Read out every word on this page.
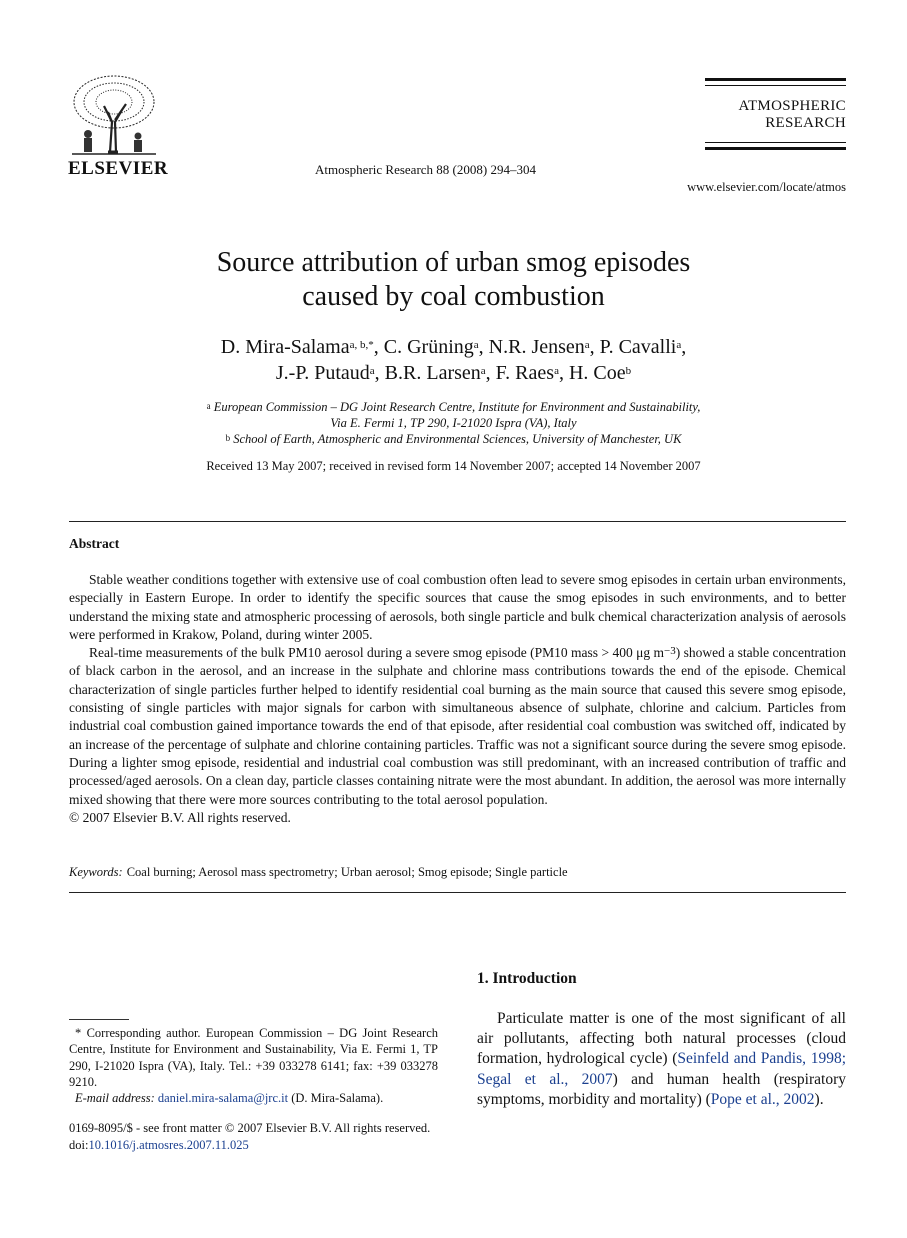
ELSEVIER	Atmospheric Research 88 (2008) 294–304
ATMOSPHERIC
RESEARCH
www.elsevier.com/locate/atmos
Source attribution of urban smog episodes
caused by coal combustion
D. Mira-Salama$^{a, b,*}$, C. Grüning$^a$, N.R. Jensen$^a$, P. Cavalli$^a$,
J.-P. Putaud$^a$, B.R. Larsen$^a$, F. Raes$^a$, H. Coe$^b$
$^a$ European Commission – DG Joint Research Centre, Institute for Environment and Sustainability,
Via E. Fermi 1, TP 290, I-21020 Ispra (VA), Italy
$^b$ School of Earth, Atmospheric and Environmental Sciences, University of Manchester, UK
Received 13 May 2007; received in revised form 14 November 2007; accepted 14 November 2007
Abstract

Stable weather conditions together with extensive use of coal combustion often lead to severe smog episodes in certain urban environments, especially in Eastern Europe. In order to identify the specific sources that cause the smog episodes in such environments, and to better understand the mixing state and atmospheric processing of aerosols, both single particle and bulk chemical characterization analysis of aerosols were performed in Krakow, Poland, during winter 2005.

Real-time measurements of the bulk PM10 aerosol during a severe smog episode (PM10 mass > 400 μg $m^{-3}$) showed a stable concentration of black carbon in the aerosol, and an increase in the sulphate and chlorine mass contributions towards the end of the episode. Chemical characterization of single particles further helped to identify residential coal burning as the main source that caused this severe smog episode, consisting of single particles with major signals for carbon with simultaneous absence of sulphate, chlorine and calcium. Particles from industrial coal combustion gained importance towards the end of that episode, after residential coal combustion was switched off, indicated by an increase of the percentage of sulphate and chlorine containing particles. Traffic was not a significant source during the severe smog episode. During a lighter smog episode, residential and industrial coal combustion was still predominant, with an increased contribution of traffic and processed/aged aerosols. On a clean day, particle classes containing nitrate were the most abundant. In addition, the aerosol was more internally mixed showing that there were more sources contributing to the total aerosol population.

© 2007 Elsevier B.V. All rights reserved.

Keywords: Coal burning; Aerosol mass spectrometry; Urban aerosol; Smog episode; Single particle
1. Introduction

Particulate matter is one of the most significant of all air pollutants, affecting both natural processes (cloud formation, hydrological cycle) (Seinfeld and Pandis, 1998; Segal et al., 2007) and human health (respiratory symptoms, morbidity and mortality) (Pope et al., 2002).

* Corresponding author. European Commission – DG Joint Research Centre, Institute for Environment and Sustainability, Via E. Fermi 1, TP 290, I-21020 Ispra (VA), Italy. Tel.: +39 033278 6141; fax: +39 033278 9210.

E-mail address: daniel.mira-salama@jrc.it (D. Mira-Salama).

0169-8095/$ - see front matter © 2007 Elsevier B.V. All rights reserved.
doi:10.1016/j.atmosres.2007.11.025
